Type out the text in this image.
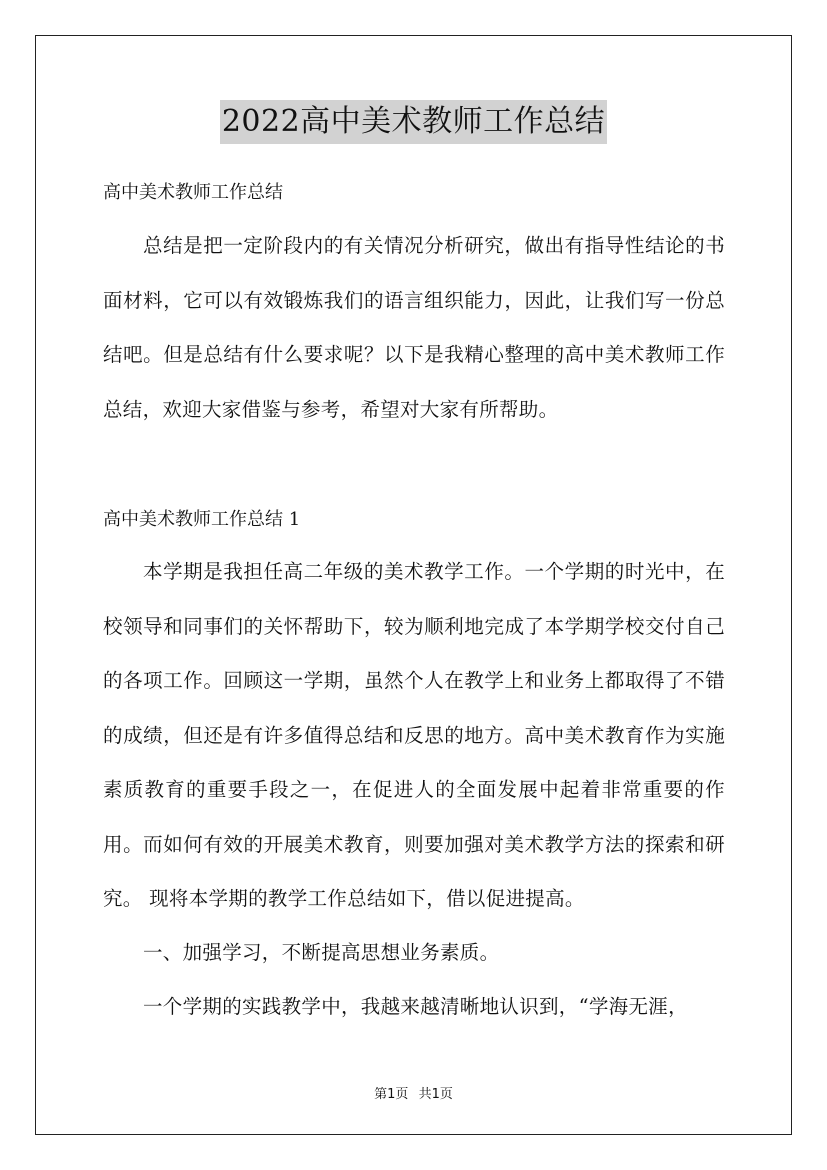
2022高中美术教师工作总结
高中美术教师工作总结

总结是把一定阶段内的有关情况分析研究，做出有指导性结论的书面材料，它可以有效锻炼我们的语言组织能力，因此，让我们写一份总结吧。但是总结有什么要求呢？以下是我精心整理的高中美术教师工作总结，欢迎大家借鉴与参考，希望对大家有所帮助。

高中美术教师工作总结 1

本学期是我担任高二年级的美术教学工作。一个学期的时光中，在校领导和同事们的关怀帮助下，较为顺利地完成了本学期学校交付自己的各项工作。回顾这一学期，虽然个人在教学上和业务上都取得了不错的成绩，但还是有许多值得总结和反思的地方。高中美术教育作为实施素质教育的重要手段之一，在促进人的全面发展中起着非常重要的作用。而如何有效的开展美术教育，则要加强对美术教学方法的探索和研究。 现将本学期的教学工作总结如下，借以促进提高。

一、加强学习，不断提高思想业务素质。

一个学期的实践教学中，我越来越清晰地认识到，“学海无涯，

第1页 共1页
